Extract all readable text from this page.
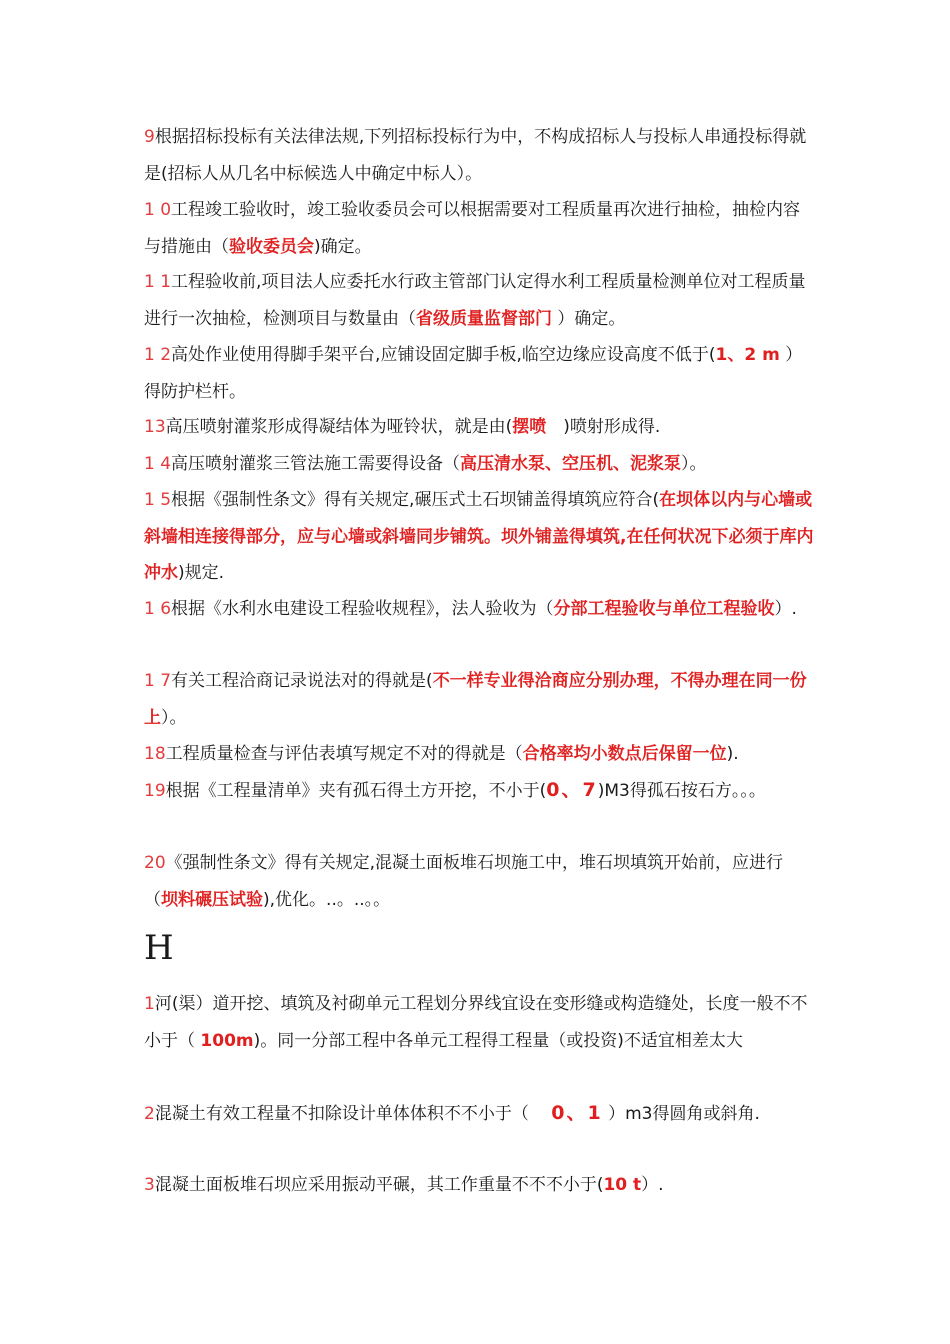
9根据招标投标有关法律法规,下列招标投标行为中，不构成招标人与投标人串通投标得就是(招标人从几名中标候选人中确定中标人）。

1 0工程竣工验收时，竣工验收委员会可以根据需要对工程质量再次进行抽检，抽检内容与措施由（验收委员会)确定。

1 1工程验收前,项目法人应委托水行政主管部门认定得水利工程质量检测单位对工程质量进行一次抽检，检测项目与数量由（省级质量监督部门 ）确定。

1 2高处作业使用得脚手架平台,应铺设固定脚手板,临空边缘应设高度不低于(1、2 m ）得防护栏杆。

13高压喷射灌浆形成得凝结体为哑铃状，就是由(摆喷　)喷射形成得.

1 4高压喷射灌浆三管法施工需要得设备（高压清水泵、空压机、泥浆泵）。

1 5根据《强制性条文》得有关规定,碾压式土石坝铺盖得填筑应符合(在坝体以内与心墙或斜墙相连接得部分，应与心墙或斜墙同步铺筑。坝外铺盖得填筑,在任何状况下必须于库内冲水)规定.

1 6根据《水利水电建设工程验收规程》，法人验收为（分部工程验收与单位工程验收）.

1 7有关工程洽商记录说法对的得就是(不一样专业得洽商应分别办理，不得办理在同一份上）。

18工程质量检查与评估表填写规定不对的得就是（合格率均小数点后保留一位).

19根据《工程量清单》夹有孤石得土方开挖，不小于(0、7)M3得孤石按石方。。。

20《强制性条文》得有关规定,混凝土面板堆石坝施工中，堆石坝填筑开始前，应进行（坝料碾压试验),优化。..。..。。

H

1河(渠）道开挖、填筑及衬砌单元工程划分界线宜设在变形缝或构造缝处，长度一般不不小于（ 100m)。同一分部工程中各单元工程得工程量（或投资)不适宜相差太大

2混凝土有效工程量不扣除设计单体体积不不小于（　 0、1 ）m3得圆角或斜角.

3混凝土面板堆石坝应采用振动平碾，其工作重量不不不小于(10 t）.
